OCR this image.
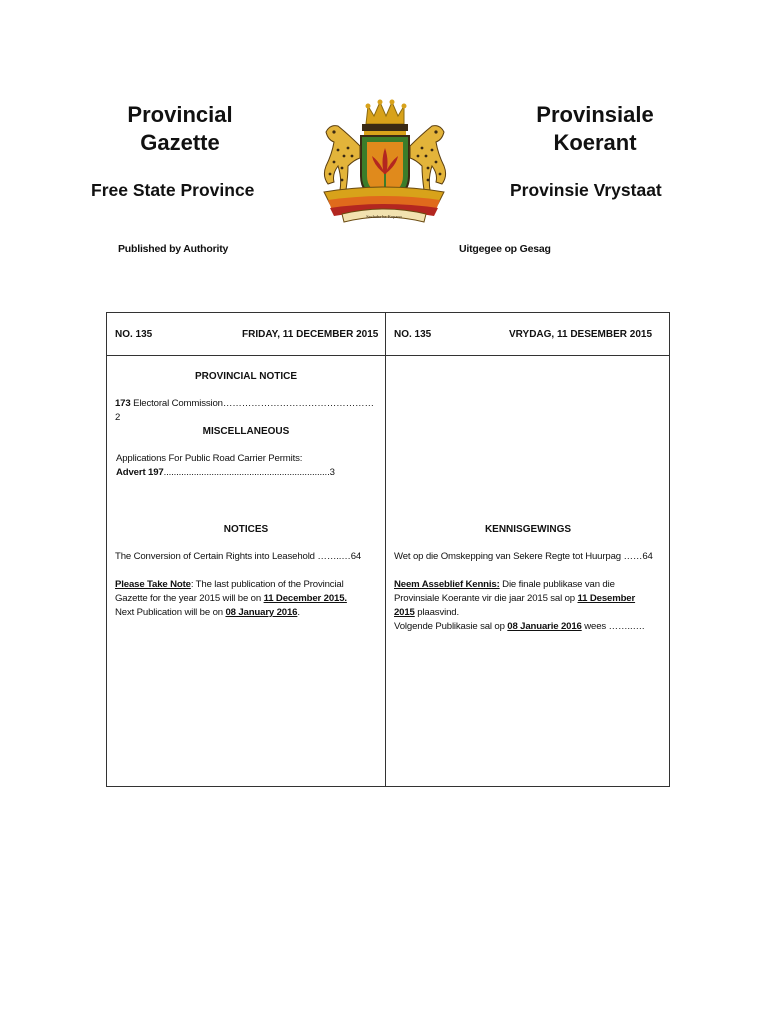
Provincial
Gazette
Provinsiale
Koerant
Free State Province	Provinsie Vrystaat
Published by Authority	Uitgegee op Gesag
Sechaba ka Kopano
NO. 135	FRIDAY, 11 DECEMBER 2015 NO. 135	VRYDAG, 11 DESEMBER 2015
PROVINCIAL NOTICE
173 Electoral Commission…………………………………………2
MISCELLANEOUS
Applications For Public Road Carrier Permits:
Advert 197..................................................................3
NOTICES
The Conversion of Certain Rights into Leasehold ……..…64
Please Take Note: The last publication of the Provincial
Gazette for the year 2015 will be on 11 December 2015.
Next Publication will be on 08 January 2016.
KENNISGEWINGS
Wet op die Omskepping van Sekere Regte tot Huurpag ……64
Neem Asseblief Kennis: Die finale publikase van die
Provinsiale Koerante vir die jaar 2015 sal op 11 Desember
2015 plaasvind.
Volgende Publikasie sal op 08 Januarie 2016 wees ……..….
